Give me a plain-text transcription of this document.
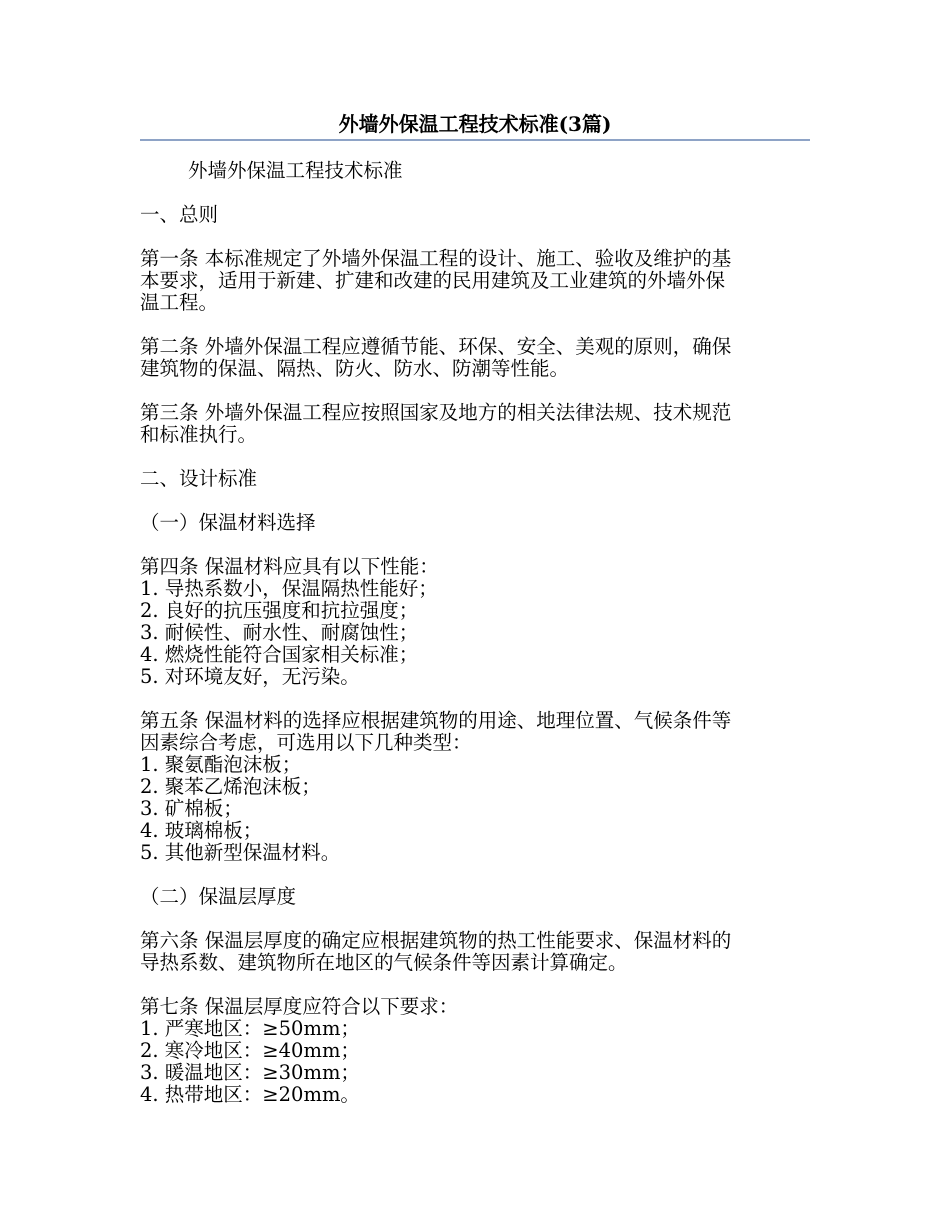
外墙外保温工程技术标准(3篇)

外墙外保温工程技术标准

一、总则

第一条 本标准规定了外墙外保温工程的设计、施工、验收及维护的基
本要求，适用于新建、扩建和改建的民用建筑及工业建筑的外墙外保
温工程。

第二条 外墙外保温工程应遵循节能、环保、安全、美观的原则，确保
建筑物的保温、隔热、防火、防水、防潮等性能。

第三条 外墙外保温工程应按照国家及地方的相关法律法规、技术规范
和标准执行。

二、设计标准

（一）保温材料选择

第四条 保温材料应具有以下性能：
1. 导热系数小，保温隔热性能好；
2. 良好的抗压强度和抗拉强度；
3. 耐候性、耐水性、耐腐蚀性；
4. 燃烧性能符合国家相关标准；
5. 对环境友好，无污染。

第五条 保温材料的选择应根据建筑物的用途、地理位置、气候条件等
因素综合考虑，可选用以下几种类型：
1. 聚氨酯泡沫板；
2. 聚苯乙烯泡沫板；
3. 矿棉板；
4. 玻璃棉板；
5. 其他新型保温材料。

（二）保温层厚度

第六条 保温层厚度的确定应根据建筑物的热工性能要求、保温材料的
导热系数、建筑物所在地区的气候条件等因素计算确定。

第七条 保温层厚度应符合以下要求：
1. 严寒地区：≥50mm；
2. 寒冷地区：≥40mm；
3. 暖温地区：≥30mm；
4. 热带地区：≥20mm。
